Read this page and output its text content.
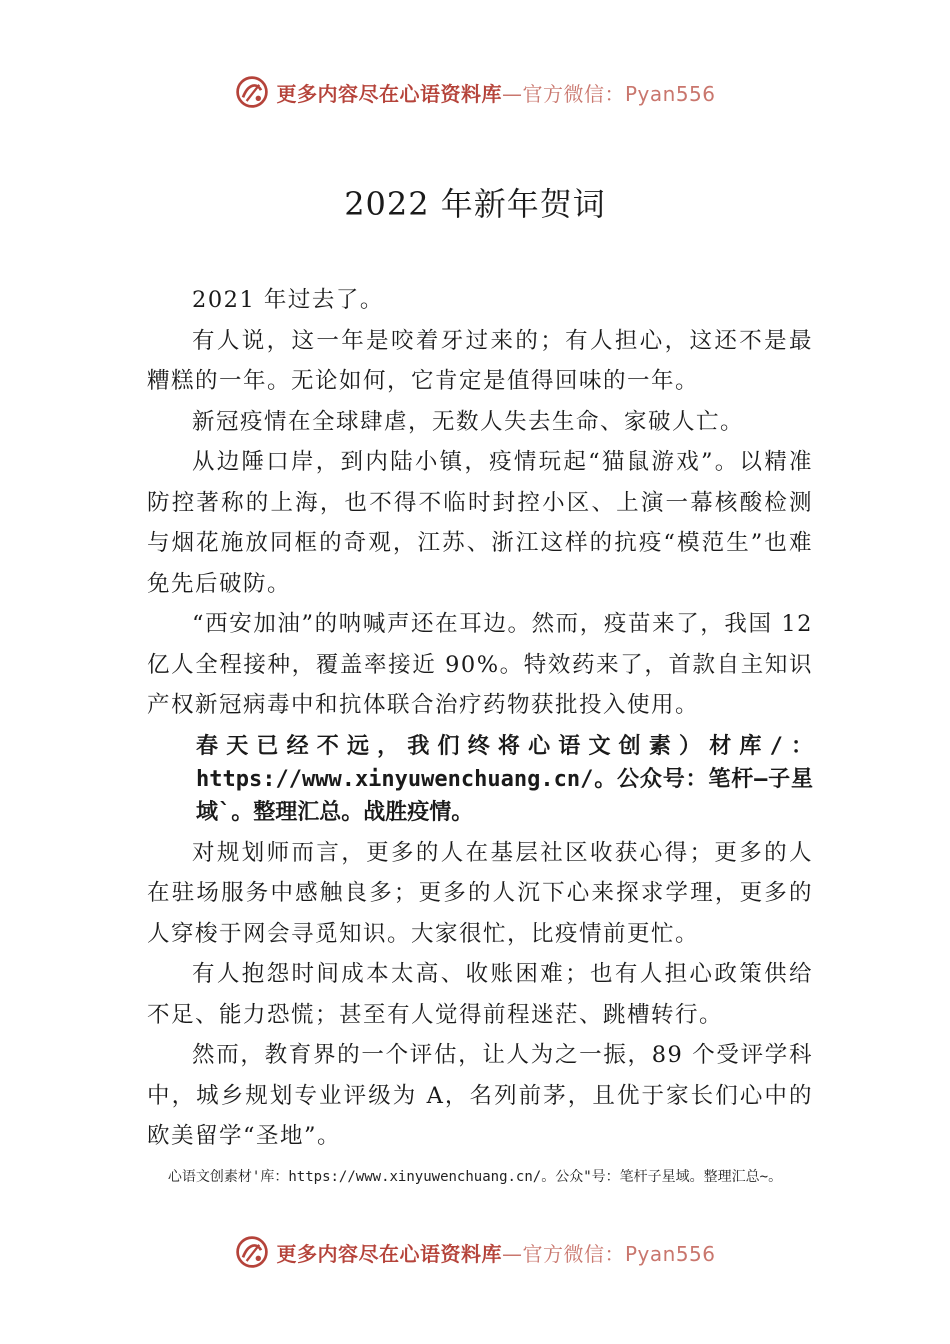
更多内容尽在心语资料库—官方微信：Pyan556
2022 年新年贺词

2021 年过去了。

有人说，这一年是咬着牙过来的；有人担心，这还不是最糟糕的一年。无论如何，它肯定是值得回味的一年。

新冠疫情在全球肆虐，无数人失去生命、家破人亡。

从边陲口岸，到内陆小镇，疫情玩起“猫鼠游戏”。以精准防控著称的上海，也不得不临时封控小区、上演一幕核酸检测与烟花施放同框的奇观，江苏、浙江这样的抗疫“模范生”也难免先后破防。

“西安加油”的呐喊声还在耳边。然而，疫苗来了，我国 12 亿人全程接种，覆盖率接近 90%。特效药来了，首款自主知识产权新冠病毒中和抗体联合治疗药物获批投入使用。

春天已经不远，我们终将心语文创素）材库/：https://www.xinyuwenchuang.cn/。公众号：笔杆—子星域`。整理汇总。战胜疫情。

对规划师而言，更多的人在基层社区收获心得；更多的人在驻场服务中感触良多；更多的人沉下心来探求学理，更多的人穿梭于网会寻觅知识。大家很忙，比疫情前更忙。

有人抱怨时间成本太高、收账困难；也有人担心政策供给不足、能力恐慌；甚至有人觉得前程迷茫、跳槽转行。

然而，教育界的一个评估，让人为之一振，89 个受评学科中，城乡规划专业评级为 A，名列前茅，且优于家长们心中的欧美留学“圣地”。

心语文创素材'库：https://www.xinyuwenchuang.cn/。公众"号：笔杆子星域。整理汇总~。
更多内容尽在心语资料库—官方微信：Pyan556
